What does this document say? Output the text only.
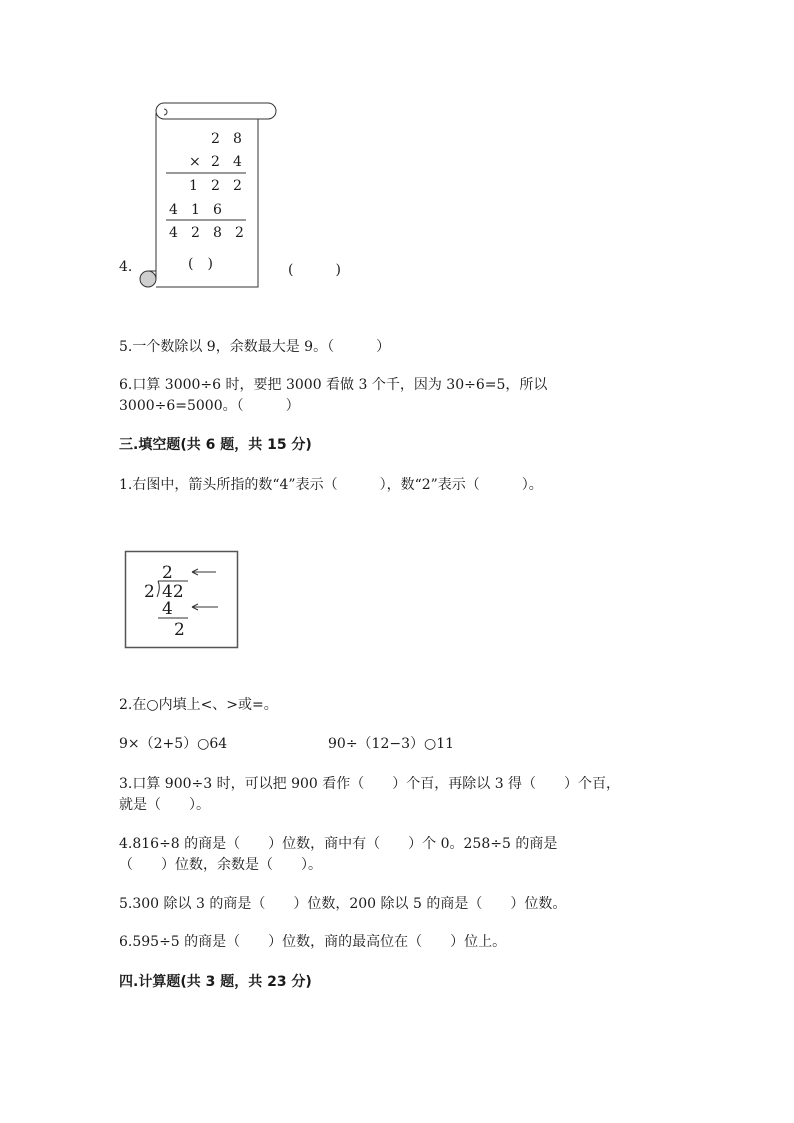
4.
2 8
× 2 4
1 2 2
4 1 6
4 2 8 2
(　)	(　　　)
5.一个数除以 9，余数最大是 9。（　　　）
6.口算 3000÷6 时，要把 3000 看做 3 个千，因为 30÷6=5，所以
3000÷6=5000。（　　　）
三.填空题(共 6 题，共 15 分)
1.右图中，箭头所指的数“4”表示（　　　），数“2”表示（　　　）。
2
2 42
4
2
2.在○内填上<、>或=。
9×（2+5）○64	90÷（12−3）○11
3.口算 900÷3 时，可以把 900 看作（　　）个百，再除以 3 得（　　）个百，
就是（　　）。
4.816÷8 的商是（　　）位数，商中有（　　）个 0。258÷5 的商是
（　　）位数，余数是（　　）。
5.300 除以 3 的商是（　　）位数，200 除以 5 的商是（　　）位数。
6.595÷5 的商是（　　）位数，商的最高位在（　　）位上。
四.计算题(共 3 题，共 23 分)
